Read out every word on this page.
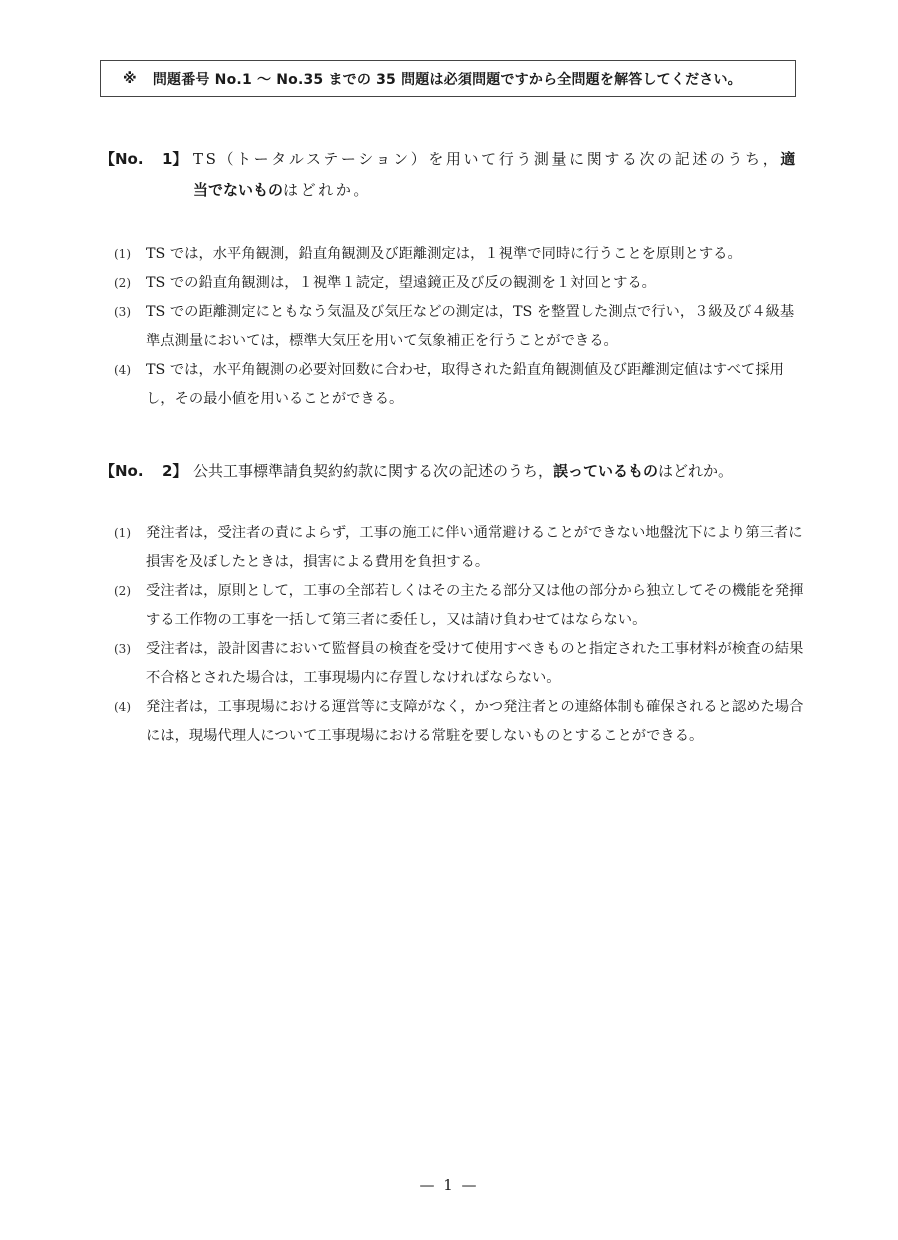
※ 問題番号 No.1 〜 No.35 までの 35 問題は必須問題ですから全問題を解答してください。
【No. 1】 TS（トータルステーション）を用いて行う測量に関する次の記述のうち，適当でないものはどれか。
(1)	TS では，水平角観測，鉛直角観測及び距離測定は，１視準で同時に行うことを原則とする。
(2)	TS での鉛直角観測は，１視準１読定，望遠鏡正及び反の観測を１対回とする。
(3)	TS での距離測定にともなう気温及び気圧などの測定は，TS を整置した測点で行い，３級及び４級基準点測量においては，標準大気圧を用いて気象補正を行うことができる。
(4)	TS では，水平角観測の必要対回数に合わせ，取得された鉛直角観測値及び距離測定値はすべて採用し，その最小値を用いることができる。
【No. 2】 公共工事標準請負契約約款に関する次の記述のうち，誤っているものはどれか。
(1)	発注者は，受注者の責によらず，工事の施工に伴い通常避けることができない地盤沈下により第三者に損害を及ぼしたときは，損害による費用を負担する。
(2)	受注者は，原則として，工事の全部若しくはその主たる部分又は他の部分から独立してその機能を発揮する工作物の工事を一括して第三者に委任し，又は請け負わせてはならない。
(3)	受注者は，設計図書において監督員の検査を受けて使用すべきものと指定された工事材料が検査の結果不合格とされた場合は，工事現場内に存置しなければならない。
(4)	発注者は，工事現場における運営等に支障がなく，かつ発注者との連絡体制も確保されると認めた場合には，現場代理人について工事現場における常駐を要しないものとすることができる。
— 1 —
